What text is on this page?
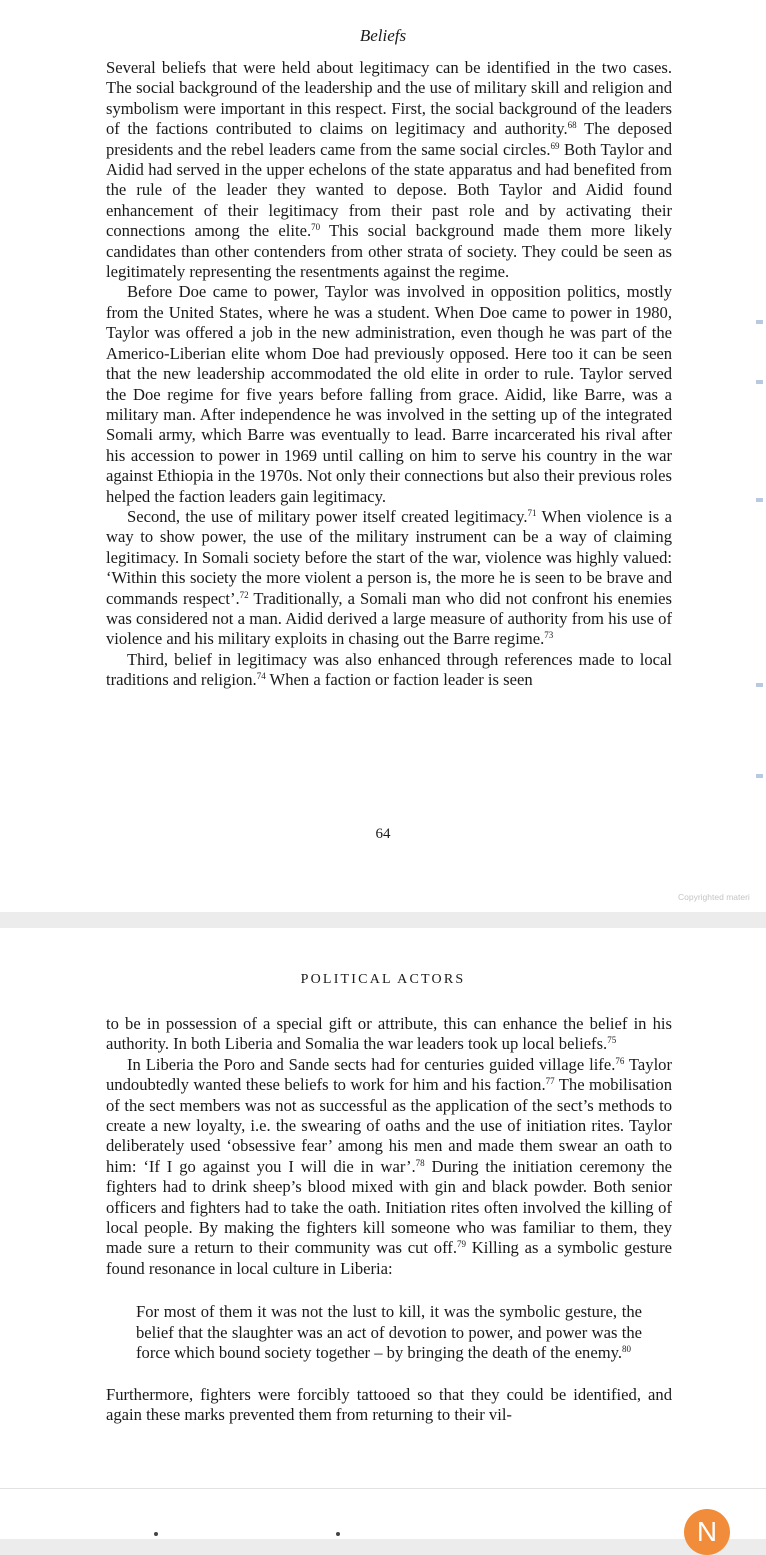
Beliefs

Several beliefs that were held about legitimacy can be identified in the two cases. The social background of the leadership and the use of military skill and religion and symbolism were important in this respect. First, the social background of the leaders of the factions contributed to claims on legitimacy and authority.$^{68}$ The deposed presidents and the rebel leaders came from the same social circles.$^{69}$ Both Taylor and Aidid had served in the upper echelons of the state apparatus and had benefited from the rule of the leader they wanted to depose. Both Taylor and Aidid found enhancement of their legitimacy from their past role and by activating their connections among the elite.$^{70}$ This social background made them more likely candidates than other contenders from other strata of society. They could be seen as legitimately representing the resentments against the regime.

Before Doe came to power, Taylor was involved in opposition politics, mostly from the United States, where he was a student. When Doe came to power in 1980, Taylor was offered a job in the new administration, even though he was part of the Americo-Liberian elite whom Doe had previously opposed. Here too it can be seen that the new leadership accommodated the old elite in order to rule. Taylor served the Doe regime for five years before falling from grace. Aidid, like Barre, was a military man. After independence he was involved in the setting up of the integrated Somali army, which Barre was eventually to lead. Barre incarcerated his rival after his accession to power in 1969 until calling on him to serve his country in the war against Ethiopia in the 1970s. Not only their connections but also their previous roles helped the faction leaders gain legitimacy.

Second, the use of military power itself created legitimacy.$^{71}$ When violence is a way to show power, the use of the military instrument can be a way of claiming legitimacy. In Somali society before the start of the war, violence was highly valued: ‘Within this society the more violent a person is, the more he is seen to be brave and commands respect’.$^{72}$ Traditionally, a Somali man who did not confront his enemies was considered not a man. Aidid derived a large measure of authority from his use of violence and his military exploits in chasing out the Barre regime.$^{73}$

Third, belief in legitimacy was also enhanced through references made to local traditions and religion.$^{74}$ When a faction or faction leader is seen

64
Copyrighted materi
POLITICAL ACTORS

to be in possession of a special gift or attribute, this can enhance the belief in his authority. In both Liberia and Somalia the war leaders took up local beliefs.$^{75}$

In Liberia the Poro and Sande sects had for centuries guided village life.$^{76}$ Taylor undoubtedly wanted these beliefs to work for him and his faction.$^{77}$ The mobilisation of the sect members was not as successful as the application of the sect’s methods to create a new loyalty, i.e. the swearing of oaths and the use of initiation rites. Taylor deliberately used ‘obsessive fear’ among his men and made them swear an oath to him: ‘If I go against you I will die in war’.$^{78}$ During the initiation ceremony the fighters had to drink sheep’s blood mixed with gin and black powder. Both senior officers and fighters had to take the oath. Initiation rites often involved the killing of local people. By making the fighters kill someone who was familiar to them, they made sure a return to their community was cut off.$^{79}$ Killing as a symbolic gesture found resonance in local culture in Liberia:

For most of them it was not the lust to kill, it was the symbolic gesture, the belief that the slaughter was an act of devotion to power, and power was the force which bound society together – by bringing the death of the enemy.$^{80}$

Furthermore, fighters were forcibly tattooed so that they could be identified, and again these marks prevented them from returning to their vil-

N
